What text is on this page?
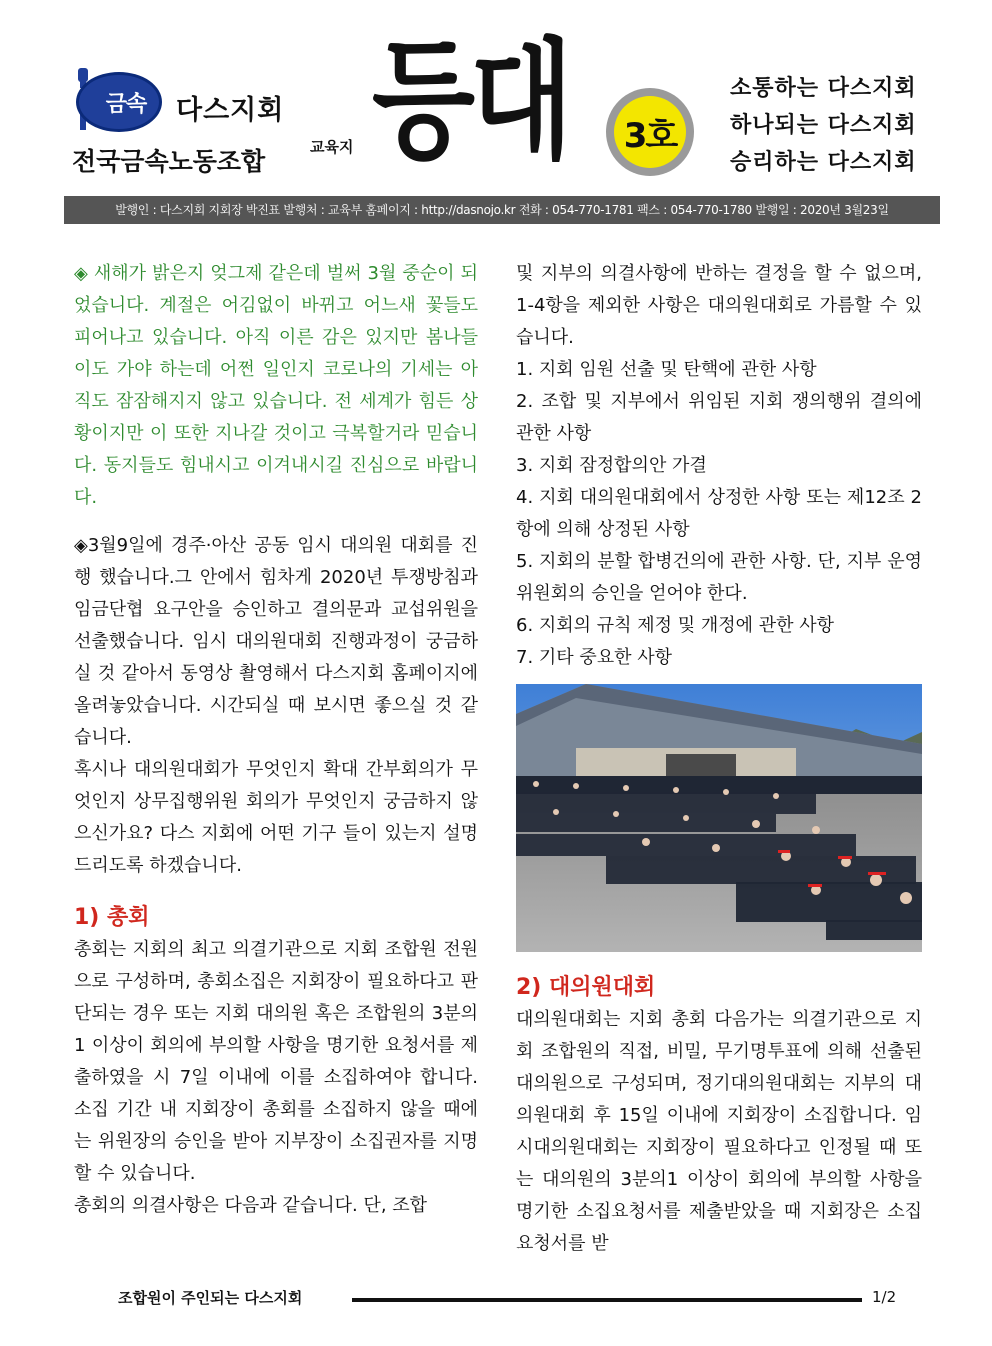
금속 다스지회
전국금속노동조합	교육지 등대 3호
소통하는 다스지회
하나되는 다스지회
승리하는 다스지회
발행인 : 다스지회 지회장 박진표 발행처 : 교육부 홈페이지 : http://dasnojo.kr 전화 : 054-770-1781 팩스 : 054-770-1780 발행일 : 2020년 3월23일

◈ 새해가 밝은지 엊그제 같은데 벌써 3월 중순이 되었습니다. 계절은 어김없이 바뀌고 어느새 꽃들도 피어나고 있습니다. 아직 이른 감은 있지만 봄나들이도 가야 하는데 어쩐 일인지 코로나의 기세는 아직도 잠잠해지지 않고 있습니다. 전 세계가 힘든 상황이지만 이 또한 지나갈 것이고 극복할거라 믿습니다. 동지들도 힘내시고 이겨내시길 진심으로 바랍니다.

◈3월9일에 경주·아산 공동 임시 대의원 대회를 진행 했습니다.그 안에서 힘차게 2020년 투쟁방침과 임금단협 요구안을 승인하고 결의문과 교섭위원을 선출했습니다. 임시 대의원대회 진행과정이 궁금하실 것 같아서 동영상 촬영해서 다스지회 홈페이지에 올려놓았습니다. 시간되실 때 보시면 좋으실 것 같습니다.

혹시나 대의원대회가 무엇인지 확대 간부회의가 무엇인지 상무집행위원 회의가 무엇인지 궁금하지 않으신가요? 다스 지회에 어떤 기구 들이 있는지 설명 드리도록 하겠습니다.

1) 총회

총회는 지회의 최고 의결기관으로 지회 조합원 전원으로 구성하며, 총회소집은 지회장이 필요하다고 판단되는 경우 또는 지회 대의원 혹은 조합원의 3분의 1 이상이 회의에 부의할 사항을 명기한 요청서를 제출하였을 시 7일 이내에 이를 소집하여야 합니다. 소집 기간 내 지회장이 총회를 소집하지 않을 때에는 위원장의 승인을 받아 지부장이 소집권자를 지명할 수 있습니다.

총회의 의결사항은 다음과 같습니다. 단, 조합

및 지부의 의결사항에 반하는 결정을 할 수 없으며, 1-4항을 제외한 사항은 대의원대회로 가름할 수 있습니다.

1. 지회 임원 선출 및 탄핵에 관한 사항

2. 조합 및 지부에서 위임된 지회 쟁의행위 결의에 관한 사항

3. 지회 잠정합의안 가결

4. 지회 대의원대회에서 상정한 사항 또는 제12조 2항에 의해 상정된 사항

5. 지회의 분할 합병건의에 관한 사항. 단, 지부 운영위원회의 승인을 얻어야 한다.

6. 지회의 규칙 제정 및 개정에 관한 사항

7. 기타 중요한 사항

2) 대의원대회

대의원대회는 지회 총회 다음가는 의결기관으로 지회 조합원의 직접, 비밀, 무기명투표에 의해 선출된 대의원으로 구성되며, 정기대의원대회는 지부의 대의원대회 후 15일 이내에 지회장이 소집합니다. 임시대의원대회는 지회장이 필요하다고 인정될 때 또는 대의원의 3분의1 이상이 회의에 부의할 사항을 명기한 소집요청서를 제출받았을 때 지회장은 소집요청서를 받

조합원이 주인되는 다스지회	1/2
